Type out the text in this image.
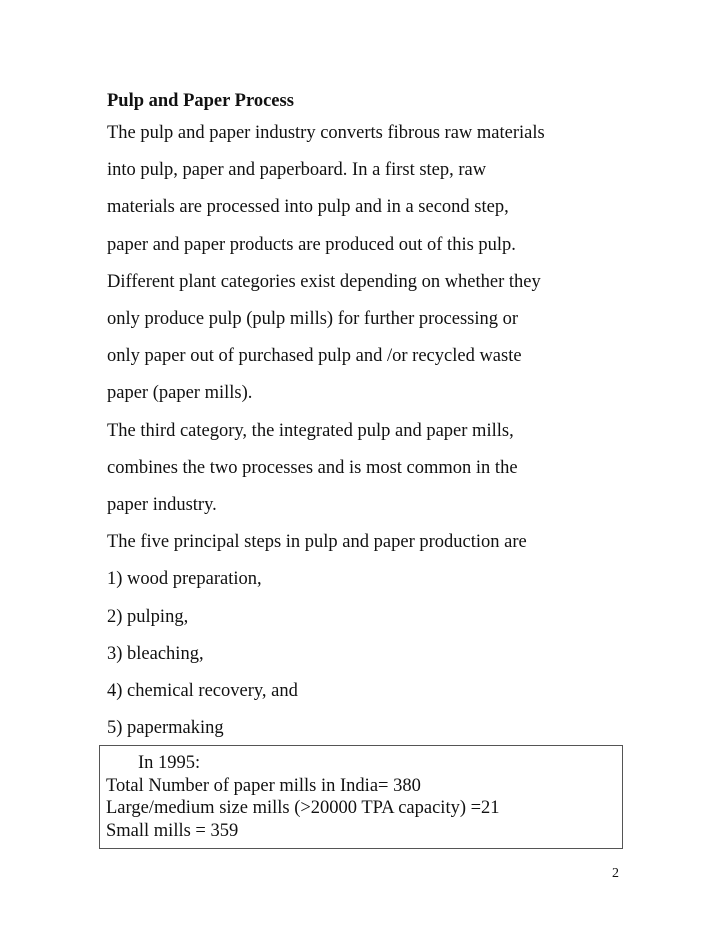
Pulp and Paper Process
The pulp and paper industry converts fibrous raw materials
into pulp, paper and paperboard. In a first step, raw
materials are processed into pulp and in a second step,
paper and paper products are produced out of this pulp.
Different plant categories exist depending on whether they
only produce pulp (pulp mills) for further processing or
only paper out of purchased pulp and /or recycled waste
paper (paper mills).
The third category, the integrated pulp and paper mills,
combines the two processes and is most common in the
paper industry.
The five principal steps in pulp and paper production are
1) wood preparation,
2) pulping,
3) bleaching,
4) chemical recovery, and
5) papermaking
In 1995:
Total Number of paper mills in India= 380
Large/medium size mills (>20000 TPA capacity) =21
Small mills = 359
2
